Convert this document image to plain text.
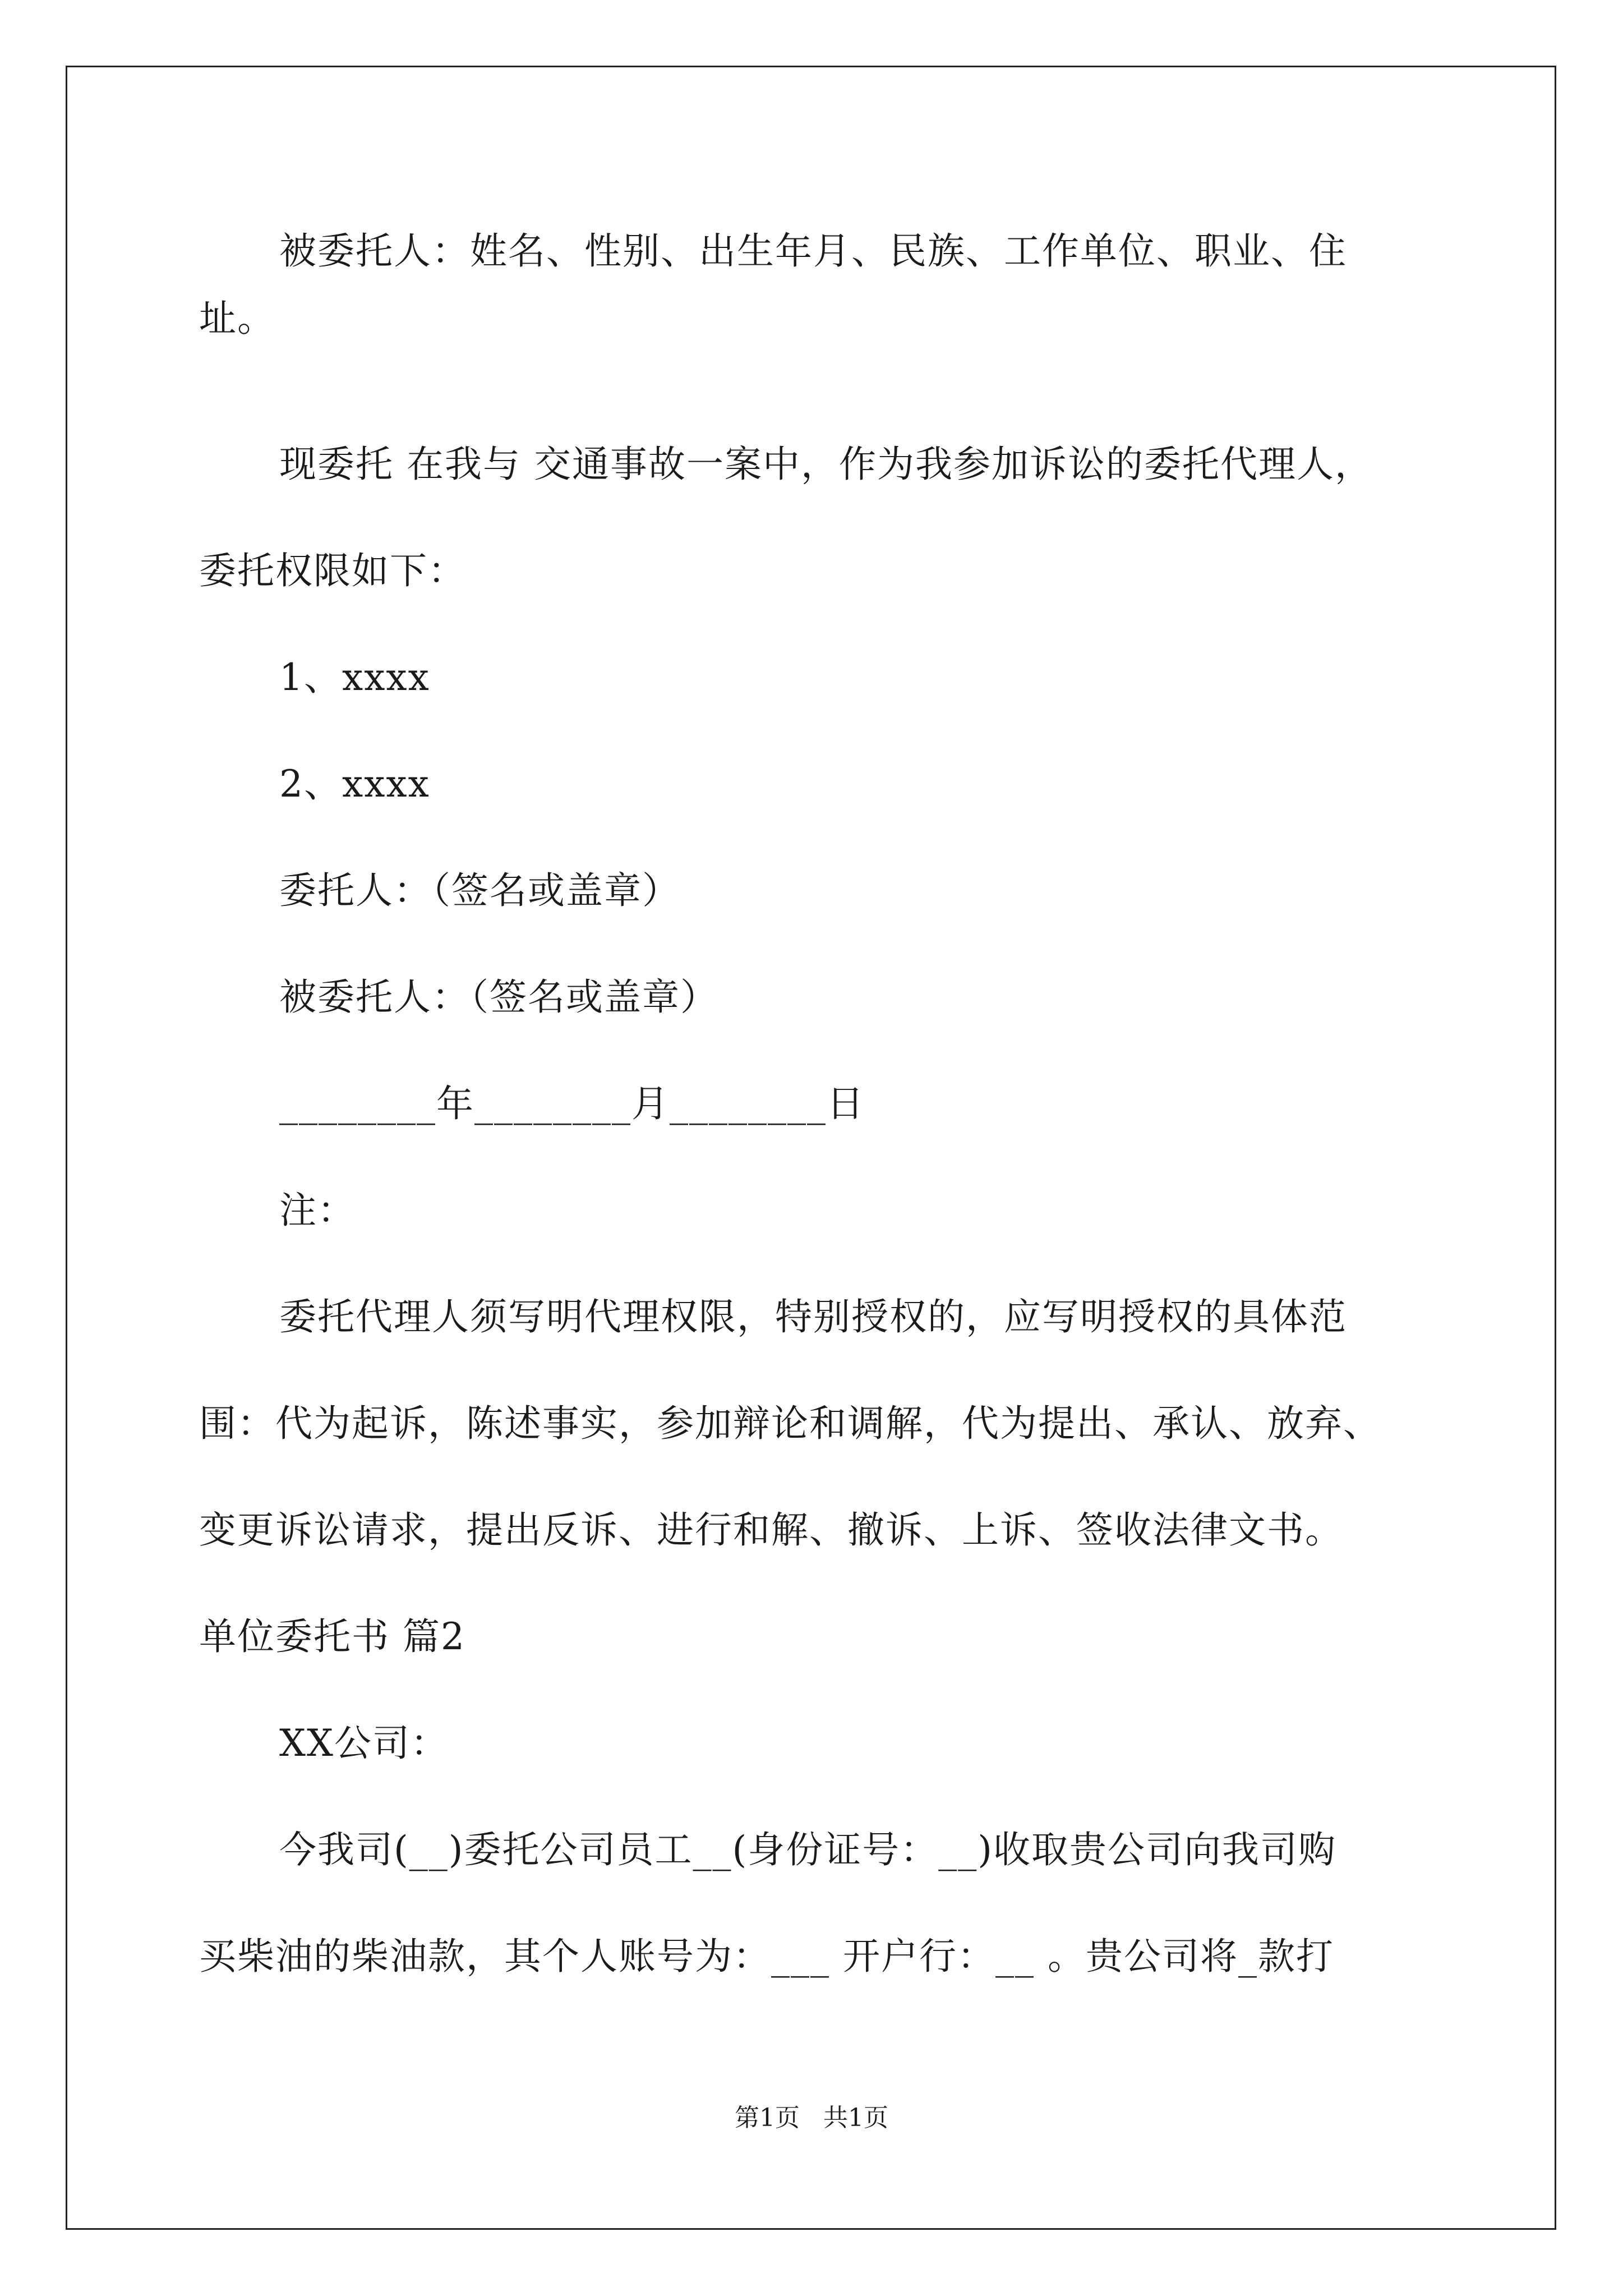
被委托人：姓名、性别、出生年月、民族、工作单位、职业、住
址。
现委托 在我与 交通事故一案中，作为我参加诉讼的委托代理人，
委托权限如下：
1、xxxx
2、xxxx
委托人：（签名或盖章）
被委托人：（签名或盖章）
________年________月________日
注：
委托代理人须写明代理权限，特别授权的，应写明授权的具体范
围：代为起诉，陈述事实，参加辩论和调解，代为提出、承认、放弃、
变更诉讼请求，提出反诉、进行和解、撤诉、上诉、签收法律文书。
单位委托书 篇2
XX公司：
今我司(__)委托公司员工__(身份证号：__)收取贵公司向我司购
买柴油的柴油款，其个人账号为：___ 开户行：__ 。贵公司将_款打
第1页   共1页
